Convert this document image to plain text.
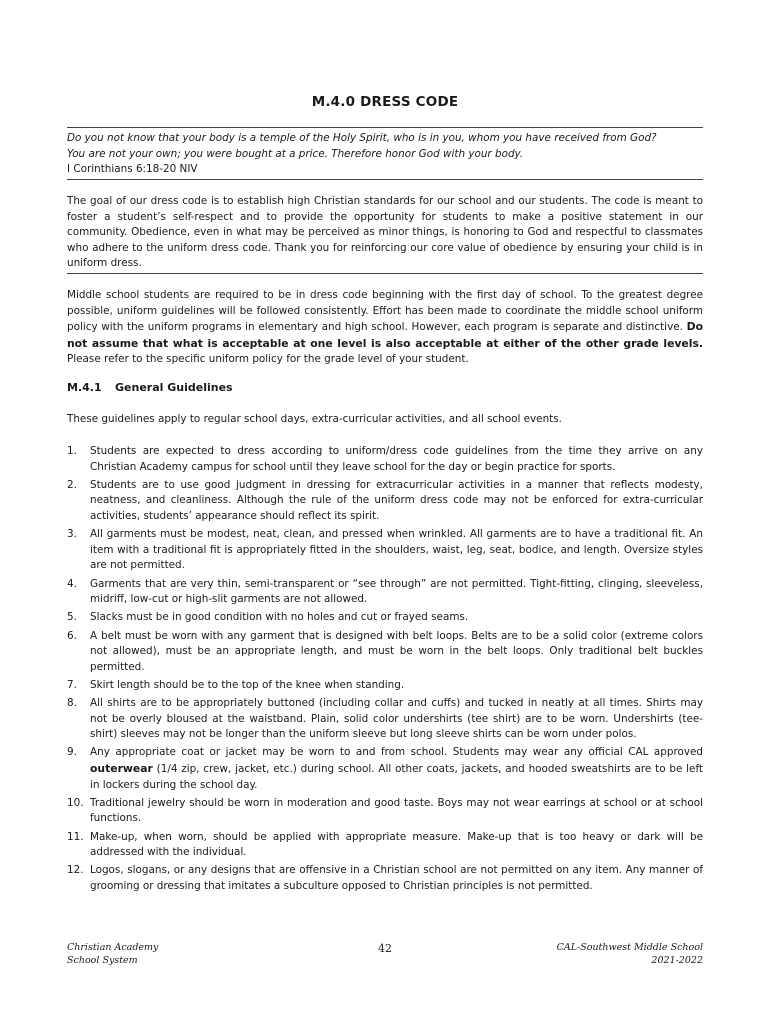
M.4.0 DRESS CODE
Do you not know that your body is a temple of the Holy Spirit, who is in you, whom you have received from God?
You are not your own; you were bought at a price. Therefore honor God with your body.
I Corinthians 6:18-20 NIV
The goal of our dress code is to establish high Christian standards for our school and our students. The code is meant to foster a student’s self-respect and to provide the opportunity for students to make a positive statement in our community. Obedience, even in what may be perceived as minor things, is honoring to God and respectful to classmates who adhere to the uniform dress code. Thank you for reinforcing our core value of obedience by ensuring your child is in uniform dress.
Middle school students are required to be in dress code beginning with the first day of school. To the greatest degree possible, uniform guidelines will be followed consistently. Effort has been made to coordinate the middle school uniform policy with the uniform programs in elementary and high school. However, each program is separate and distinctive. Do not assume that what is acceptable at one level is also acceptable at either of the other grade levels. Please refer to the specific uniform policy for the grade level of your student.
M.4.1 General Guidelines
These guidelines apply to regular school days, extra-curricular activities, and all school events.
1. Students are expected to dress according to uniform/dress code guidelines from the time they arrive on any Christian Academy campus for school until they leave school for the day or begin practice for sports.
2. Students are to use good judgment in dressing for extracurricular activities in a manner that reflects modesty, neatness, and cleanliness. Although the rule of the uniform dress code may not be enforced for extra-curricular activities, students’ appearance should reflect its spirit.
3. All garments must be modest, neat, clean, and pressed when wrinkled. All garments are to have a traditional fit. An item with a traditional fit is appropriately fitted in the shoulders, waist, leg, seat, bodice, and length. Oversize styles are not permitted.
4. Garments that are very thin, semi-transparent or “see through” are not permitted. Tight-fitting, clinging, sleeveless, midriff, low-cut or high-slit garments are not allowed.
5. Slacks must be in good condition with no holes and cut or frayed seams.
6. A belt must be worn with any garment that is designed with belt loops. Belts are to be a solid color (extreme colors not allowed), must be an appropriate length, and must be worn in the belt loops. Only traditional belt buckles permitted.
7. Skirt length should be to the top of the knee when standing.
8. All shirts are to be appropriately buttoned (including collar and cuffs) and tucked in neatly at all times. Shirts may not be overly bloused at the waistband. Plain, solid color undershirts (tee shirt) are to be worn. Undershirts (tee-shirt) sleeves may not be longer than the uniform sleeve but long sleeve shirts can be worn under polos.
9. Any appropriate coat or jacket may be worn to and from school. Students may wear any official CAL approved outerwear (1/4 zip, crew, jacket, etc.) during school. All other coats, jackets, and hooded sweatshirts are to be left in lockers during the school day.
10. Traditional jewelry should be worn in moderation and good taste. Boys may not wear earrings at school or at school functions.
11. Make-up, when worn, should be applied with appropriate measure. Make-up that is too heavy or dark will be addressed with the individual.
12. Logos, slogans, or any designs that are offensive in a Christian school are not permitted on any item. Any manner of grooming or dressing that imitates a subculture opposed to Christian principles is not permitted.
Christian Academy
School System
42	CAL-Southwest Middle School
2021-2022
